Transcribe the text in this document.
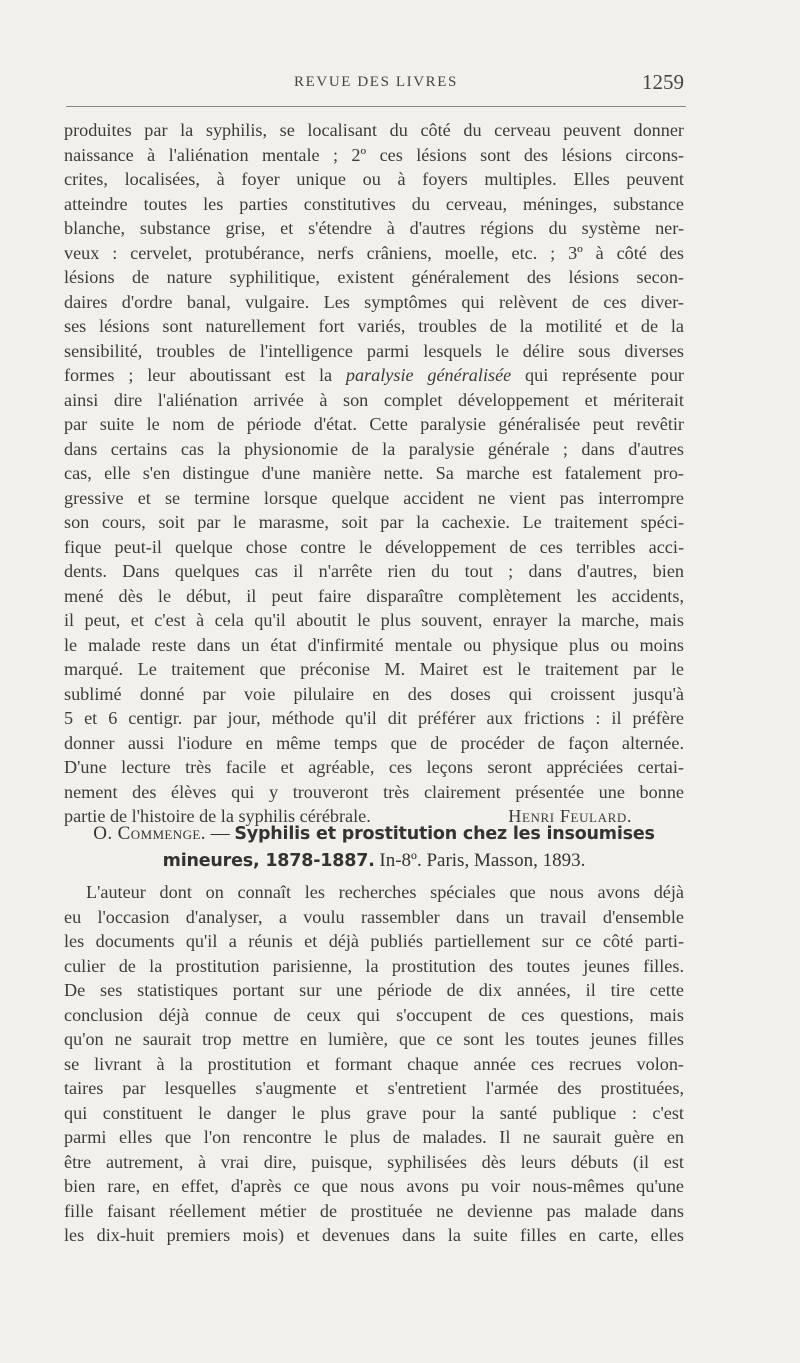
REVUE DES LIVRES	1259

produites par la syphilis, se localisant du côté du cerveau peuvent donner
naissance à l'aliénation mentale ; 2º ces lésions sont des lésions circons-
crites, localisées, à foyer unique ou à foyers multiples. Elles peuvent
atteindre toutes les parties constitutives du cerveau, méninges, substance
blanche, substance grise, et s'étendre à d'autres régions du système ner-
veux : cervelet, protubérance, nerfs crâniens, moelle, etc. ; 3º à côté des
lésions de nature syphilitique, existent généralement des lésions secon-
daires d'ordre banal, vulgaire. Les symptômes qui relèvent de ces diver-
ses lésions sont naturellement fort variés, troubles de la motilité et de la
sensibilité, troubles de l'intelligence parmi lesquels le délire sous diverses
formes ; leur aboutissant est la paralysie généralisée qui représente pour
ainsi dire l'aliénation arrivée à son complet développement et mériterait
par suite le nom de période d'état. Cette paralysie généralisée peut revêtir
dans certains cas la physionomie de la paralysie générale ; dans d'autres
cas, elle s'en distingue d'une manière nette. Sa marche est fatalement pro-
gressive et se termine lorsque quelque accident ne vient pas interrompre
son cours, soit par le marasme, soit par la cachexie. Le traitement spéci-
fique peut-il quelque chose contre le développement de ces terribles acci-
dents. Dans quelques cas il n'arrête rien du tout ; dans d'autres, bien
mené dès le début, il peut faire disparaître complètement les accidents,
il peut, et c'est à cela qu'il aboutit le plus souvent, enrayer la marche, mais
le malade reste dans un état d'infirmité mentale ou physique plus ou moins
marqué. Le traitement que préconise M. Mairet est le traitement par le
sublimé donné par voie pilulaire en des doses qui croissent jusqu'à
5 et 6 centigr. par jour, méthode qu'il dit préférer aux frictions : il préfère
donner aussi l'iodure en même temps que de procéder de façon alternée.
D'une lecture très facile et agréable, ces leçons seront appréciées certai-
nement des élèves qui y trouveront très clairement présentée une bonne
partie de l'histoire de la syphilis cérébrale.	Henri Feulard.

O. Commenge. — Syphilis et prostitution chez les insoumises
mineures, 1878-1887. In-8º. Paris, Masson, 1893.

L'auteur dont on connaît les recherches spéciales que nous avons déjà
eu l'occasion d'analyser, a voulu rassembler dans un travail d'ensemble
les documents qu'il a réunis et déjà publiés partiellement sur ce côté parti-
culier de la prostitution parisienne, la prostitution des toutes jeunes filles.
De ses statistiques portant sur une période de dix années, il tire cette
conclusion déjà connue de ceux qui s'occupent de ces questions, mais
qu'on ne saurait trop mettre en lumière, que ce sont les toutes jeunes filles
se livrant à la prostitution et formant chaque année ces recrues volon-
taires par lesquelles s'augmente et s'entretient l'armée des prostituées,
qui constituent le danger le plus grave pour la santé publique : c'est
parmi elles que l'on rencontre le plus de malades. Il ne saurait guère en
être autrement, à vrai dire, puisque, syphilisées dès leurs débuts (il est
bien rare, en effet, d'après ce que nous avons pu voir nous-mêmes qu'une
fille faisant réellement métier de prostituée ne devienne pas malade dans
les dix-huit premiers mois) et devenues dans la suite filles en carte, elles
